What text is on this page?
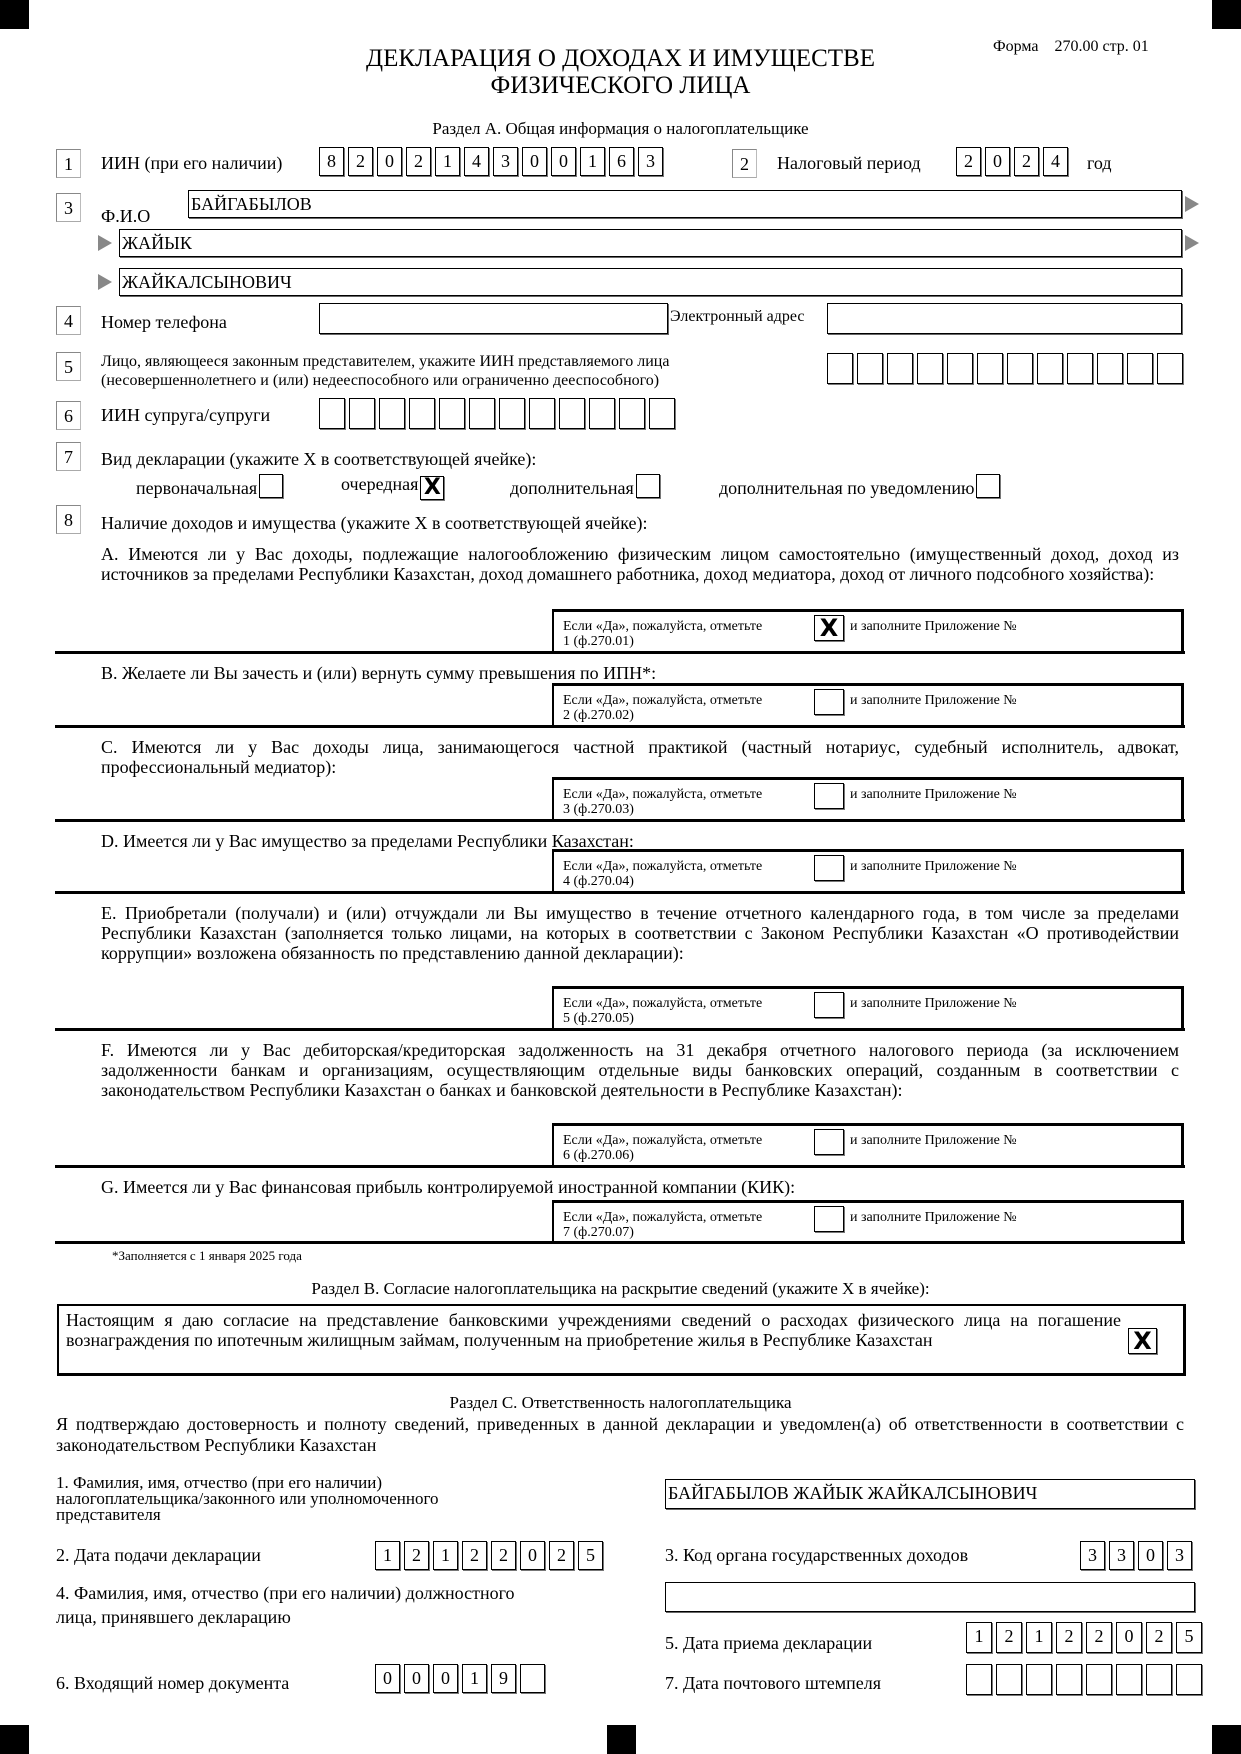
ДЕКЛАРАЦИЯ О ДОХОДАХ И ИМУЩЕСТВЕ
ФИЗИЧЕСКОГО ЛИЦА
Форма    270.00 стр. 01
Раздел А. Общая информация о налогоплательщике
1	ИИН (при его наличии)	8	2	0	2	1	4	3	0	0	1	6	3	2	Налоговый период	2	0	2	4	год
3	Ф.И.О
БАЙГАБЫЛОВ
ЖАЙЫК
ЖАЙКАЛСЫНОВИЧ
4	Номер телефона	Электронный адрес
5	Лицо, являющееся законным представителем, укажите ИИН представляемого лица
(несовершеннолетнего и (или) недееспособного или ограниченно дееспособного)
6	ИИН супруга/супруги
7	Вид декларации (укажите X в соответствующей ячейке):
первоначальная	очередная X	дополнительная	дополнительная по уведомлению
8	Наличие доходов и имущества (укажите X в соответствующей ячейке):
A. Имеются ли у Вас доходы, подлежащие налогообложению физическим лицом самостоятельно (имущественный доход, доход из источников за пределами Республики Казахстан, доход домашнего работника, доход медиатора, доход от личного подсобного хозяйства):
Если «Да», пожалуйста, отметьте X и заполните Приложение №
1 (ф.270.01)
B. Желаете ли Вы зачесть и (или) вернуть сумму превышения по ИПН*:
Если «Да», пожалуйста, отметьте	и заполните Приложение №
2 (ф.270.02)
C. Имеются ли у Вас доходы лица, занимающегося частной практикой (частный нотариус, судебный исполнитель, адвокат, профессиональный медиатор):
Если «Да», пожалуйста, отметьте	и заполните Приложение №
3 (ф.270.03)
D. Имеется ли у Вас имущество за пределами Республики Казахстан:
Если «Да», пожалуйста, отметьте	и заполните Приложение №
4 (ф.270.04)
E. Приобретали (получали) и (или) отчуждали ли Вы имущество в течение отчетного календарного года, в том числе за пределами Республики Казахстан (заполняется только лицами, на которых в соответствии с Законом Республики Казахстан «О противодействии коррупции» возложена обязанность по представлению данной декларации):
Если «Да», пожалуйста, отметьте	и заполните Приложение №
5 (ф.270.05)
F. Имеются ли у Вас дебиторская/кредиторская задолженность на 31 декабря отчетного налогового периода (за исключением задолженности банкам и организациям, осуществляющим отдельные виды банковских операций, созданным в соответствии с законодательством Республики Казахстан о банках и банковской деятельности в Республике Казахстан):
Если «Да», пожалуйста, отметьте	и заполните Приложение №
6 (ф.270.06)
G. Имеется ли у Вас финансовая прибыль контролируемой иностранной компании (КИК):
Если «Да», пожалуйста, отметьте	и заполните Приложение №
7 (ф.270.07)
*Заполняется с 1 января 2025 года
Раздел В. Согласие налогоплательщика на раскрытие сведений (укажите X в ячейке):
Настоящим я даю согласие на представление банковскими учреждениями сведений о расходах физического лица на погашение вознаграждения по ипотечным жилищным займам, полученным на приобретение жилья в Республике Казахстан	X
Раздел С. Ответственность налогоплательщика
Я подтверждаю достоверность и полноту сведений, приведенных в данной декларации и уведомлен(а) об ответственности в соответствии с законодательством Республики Казахстан
1. Фамилия, имя, отчество (при его наличии)
налогоплательщика/законного или уполномоченного
представителя
БАЙГАБЫЛОВ ЖАЙЫК ЖАЙКАЛСЫНОВИЧ
2. Дата подачи декларации	1	2	1	2	2	0	2	5	3. Код органа государственных доходов	3	3	0	3
4. Фамилия, имя, отчество (при его наличии) должностного
лица, принявшего декларацию
5. Дата приема декларации	1	2	1	2	2	0	2	5
6. Входящий номер документа	0	0	0	1	9	7. Дата почтового штемпеля
